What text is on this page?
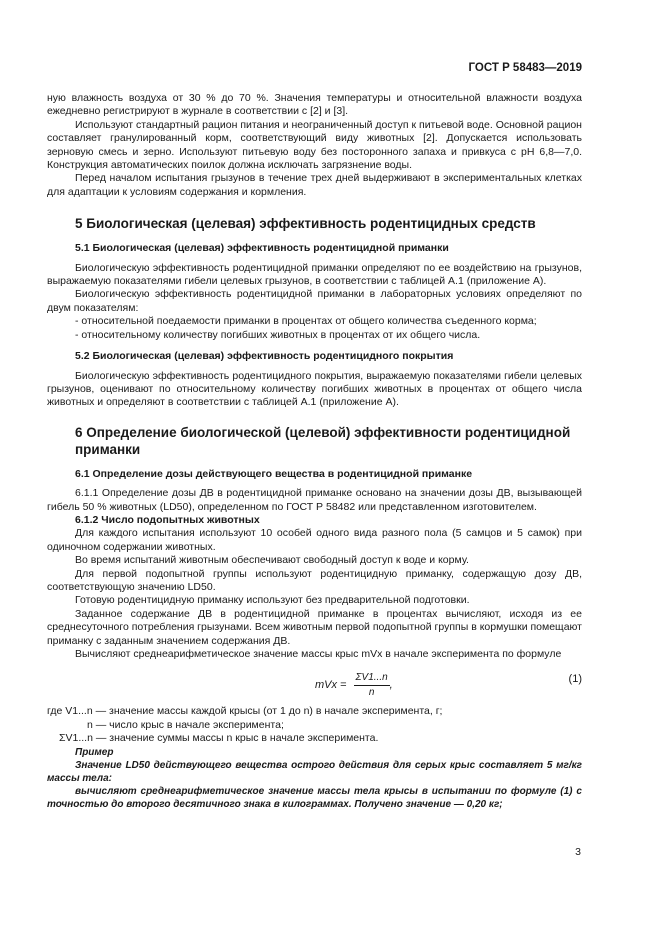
ГОСТ Р 58483—2019

ную влажность воздуха от 30 % до 70 %. Значения температуры и относительной влажности воздуха ежедневно регистрируют в журнале в соответствии с [2] и [3].

Используют стандартный рацион питания и неограниченный доступ к питьевой воде. Основной рацион составляет гранулированный корм, соответствующий виду животных [2]. Допускается использовать зерновую смесь и зерно. Используют питьевую воду без посторонного запаха и привкуса с рН 6,8—7,0. Конструкция автоматических поилок должна исключать загрязнение воды.

Перед началом испытания грызунов в течение трех дней выдерживают в экспериментальных клетках для адаптации к условиям содержания и кормления.

5 Биологическая (целевая) эффективность родентицидных средств

5.1 Биологическая (целевая) эффективность родентицидной приманки

Биологическую эффективность родентицидной приманки определяют по ее воздействию на грызунов, выражаемую показателями гибели целевых грызунов, в соответствии с таблицей А.1 (приложение А).

Биологическую эффективность родентицидной приманки в лабораторных условиях определяют по двум показателям:

- относительной поедаемости приманки в процентах от общего количества съеденного корма;

- относительному количеству погибших животных в процентах от их общего числа.

5.2 Биологическая (целевая) эффективность родентицидного покрытия

Биологическую эффективность родентицидного покрытия, выражаемую показателями гибели целевых грызунов, оценивают по относительному количеству погибших животных в процентах от общего числа животных и определяют в соответствии с таблицей А.1 (приложение А).

6 Определение биологической (целевой) эффективности родентицидной приманки

6.1 Определение дозы действующего вещества в родентицидной приманке

6.1.1 Определение дозы ДВ в родентицидной приманке основано на значении дозы ДВ, вызывающей гибель 50 % животных (LD50), определенном по ГОСТ Р 58482 или представленном изготовителем.

6.1.2 Число подопытных животных

Для каждого испытания используют 10 особей одного вида разного пола (5 самцов и 5 самок) при одиночном содержании животных.

Во время испытаний животным обеспечивают свободный доступ к воде и корму.

Для первой подопытной группы используют родентицидную приманку, содержащую дозу ДВ, соответствующую значению LD50.

Готовую родентицидную приманку используют без предварительной подготовки.

Заданное содержание ДВ в родентицидной приманке в процентах вычисляют, исходя из ее среднесуточного потребления грызунами. Всем животным первой подопытной группы в кормушки помещают приманку с заданным значением содержания ДВ.

Вычисляют среднеарифметическое значение массы крыс mVx в начале эксперимента по формуле

mVx = $\frac{\Sigma V1...n}{n}$ ,	(1)

где V1...n — значение массы каждой крысы (от 1 до n) в начале эксперимента, г;

n — число крыс в начале эксперимента;

ΣV1...n — значение суммы массы n крыс в начале эксперимента.

Пример

Значение LD50 действующего вещества острого действия для серых крыс составляет 5 мг/кг массы тела:

вычисляют среднеарифметическое значение массы тела крысы в испытании по формуле (1) с точностью до второго десятичного знака в килограммах. Получено значение — 0,20 кг;

3
